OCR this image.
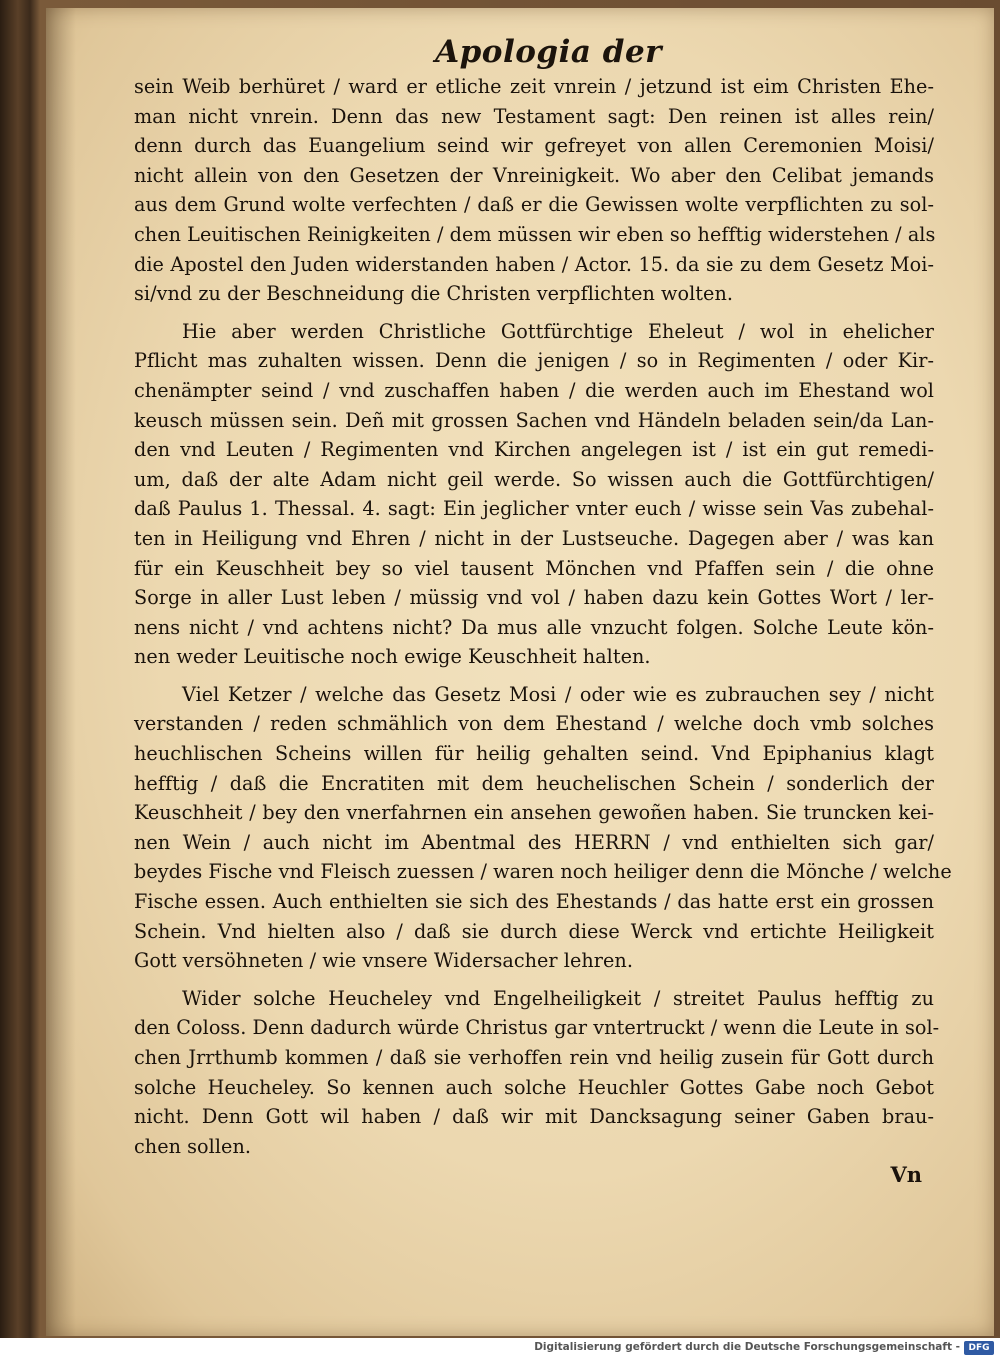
Apologia der
sein Weib berhüret / ward er etliche zeit vnrein / jetzund ist eim Christen Ehe-
man nicht vnrein. Denn das new Testament sagt: Den reinen ist alles rein/
denn durch das Euangelium seind wir gefreyet von allen Ceremonien Moisi/
nicht allein von den Gesetzen der Vnreinigkeit. Wo aber den Celibat jemands
aus dem Grund wolte verfechten / daß er die Gewissen wolte verpflichten zu sol-
chen Leuitischen Reinigkeiten / dem müssen wir eben so hefftig widerstehen / als
die Apostel den Juden widerstanden haben / Actor. 15. da sie zu dem Gesetz Moi-
si/vnd zu der Beschneidung die Christen verpflichten wolten.
Hie aber werden Christliche Gottfürchtige Eheleut / wol in ehelicher
Pflicht mas zuhalten wissen. Denn die jenigen / so in Regimenten / oder Kir-
chenämpter seind / vnd zuschaffen haben / die werden auch im Ehestand wol
keusch müssen sein. Deñ mit grossen Sachen vnd Händeln beladen sein/da Lan-
den vnd Leuten / Regimenten vnd Kirchen angelegen ist / ist ein gut remedi-
um, daß der alte Adam nicht geil werde. So wissen auch die Gottfürchtigen/
daß Paulus 1. Thessal. 4. sagt: Ein jeglicher vnter euch / wisse sein Vas zubehal-
ten in Heiligung vnd Ehren / nicht in der Lustseuche. Dagegen aber / was kan
für ein Keuschheit bey so viel tausent Mönchen vnd Pfaffen sein / die ohne
Sorge in aller Lust leben / müssig vnd vol / haben dazu kein Gottes Wort / ler-
nens nicht / vnd achtens nicht? Da mus alle vnzucht folgen. Solche Leute kön-
nen weder Leuitische noch ewige Keuschheit halten.
Viel Ketzer / welche das Gesetz Mosi / oder wie es zubrauchen sey / nicht
verstanden / reden schmählich von dem Ehestand / welche doch vmb solches
heuchlischen Scheins willen für heilig gehalten seind. Vnd Epiphanius klagt
hefftig / daß die Encratiten mit dem heuchelischen Schein / sonderlich der
Keuschheit / bey den vnerfahrnen ein ansehen gewoñen haben. Sie truncken kei-
nen Wein / auch nicht im Abentmal des HERRN / vnd enthielten sich gar/
beydes Fische vnd Fleisch zuessen / waren noch heiliger denn die Mönche / welche
Fische essen. Auch enthielten sie sich des Ehestands / das hatte erst ein grossen
Schein. Vnd hielten also / daß sie durch diese Werck vnd ertichte Heiligkeit
Gott versöhneten / wie vnsere Widersacher lehren.
Wider solche Heucheley vnd Engelheiligkeit / streitet Paulus hefftig zu
den Coloss. Denn dadurch würde Christus gar vntertruckt / wenn die Leute in sol-
chen Jrrthumb kommen / daß sie verhoffen rein vnd heilig zusein für Gott durch
solche Heucheley. So kennen auch solche Heuchler Gottes Gabe noch Gebot
nicht. Denn Gott wil haben / daß wir mit Dancksagung seiner Gaben brau-
chen sollen.
Vn
Digitalisierung gefördert durch die Deutsche Forschungsgemeinschaft - DFG
